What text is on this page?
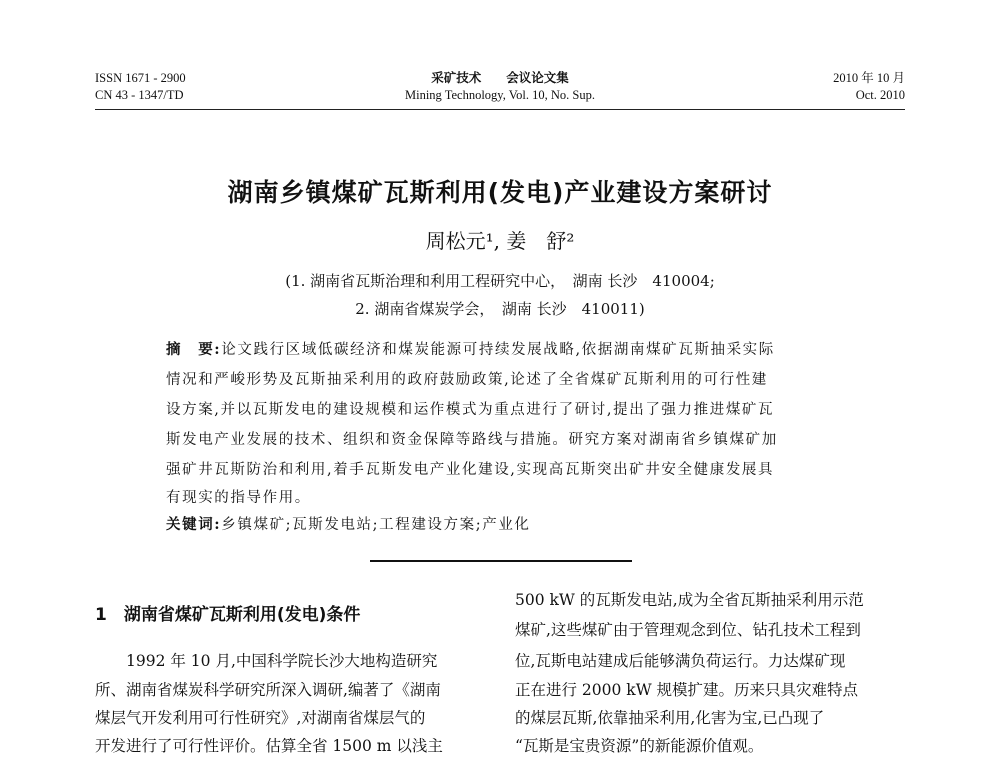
ISSN 1671 - 2900
CN 43 - 1347/TD
采矿技术　　会议论文集
Mining Technology, Vol. 10, No. Sup.
2010 年 10 月
Oct. 2010
湖南乡镇煤矿瓦斯利用(发电)产业建设方案研讨
周松元¹, 姜　舒²
(1. 湖南省瓦斯治理和利用工程研究中心，　湖南 长沙　410004;
2. 湖南省煤炭学会，　湖南 长沙　410011)
摘　要:论文践行区域低碳经济和煤炭能源可持续发展战略,依据湖南煤矿瓦斯抽采实际
情况和严峻形势及瓦斯抽采利用的政府鼓励政策,论述了全省煤矿瓦斯利用的可行性建
设方案,并以瓦斯发电的建设规模和运作模式为重点进行了研讨,提出了强力推进煤矿瓦
斯发电产业发展的技术、组织和资金保障等路线与措施。研究方案对湖南省乡镇煤矿加
强矿井瓦斯防治和利用,着手瓦斯发电产业化建设,实现高瓦斯突出矿井安全健康发展具
有现实的指导作用。
关键词:乡镇煤矿;瓦斯发电站;工程建设方案;产业化
1　湖南省煤矿瓦斯利用(发电)条件
　　1992 年 10 月,中国科学院长沙大地构造研究
所、湖南省煤炭科学研究所深入调研,编著了《湖南
煤层气开发利用可行性研究》,对湖南省煤层气的
开发进行了可行性评价。估算全省 1500 m 以浅主
500 kW 的瓦斯发电站,成为全省瓦斯抽采利用示范
煤矿,这些煤矿由于管理观念到位、钻孔技术工程到
位,瓦斯电站建成后能够满负荷运行。力达煤矿现
正在进行 2000 kW 规模扩建。历来只具灾难特点
的煤层瓦斯,依靠抽采利用,化害为宝,已凸现了
“瓦斯是宝贵资源”的新能源价值观。
